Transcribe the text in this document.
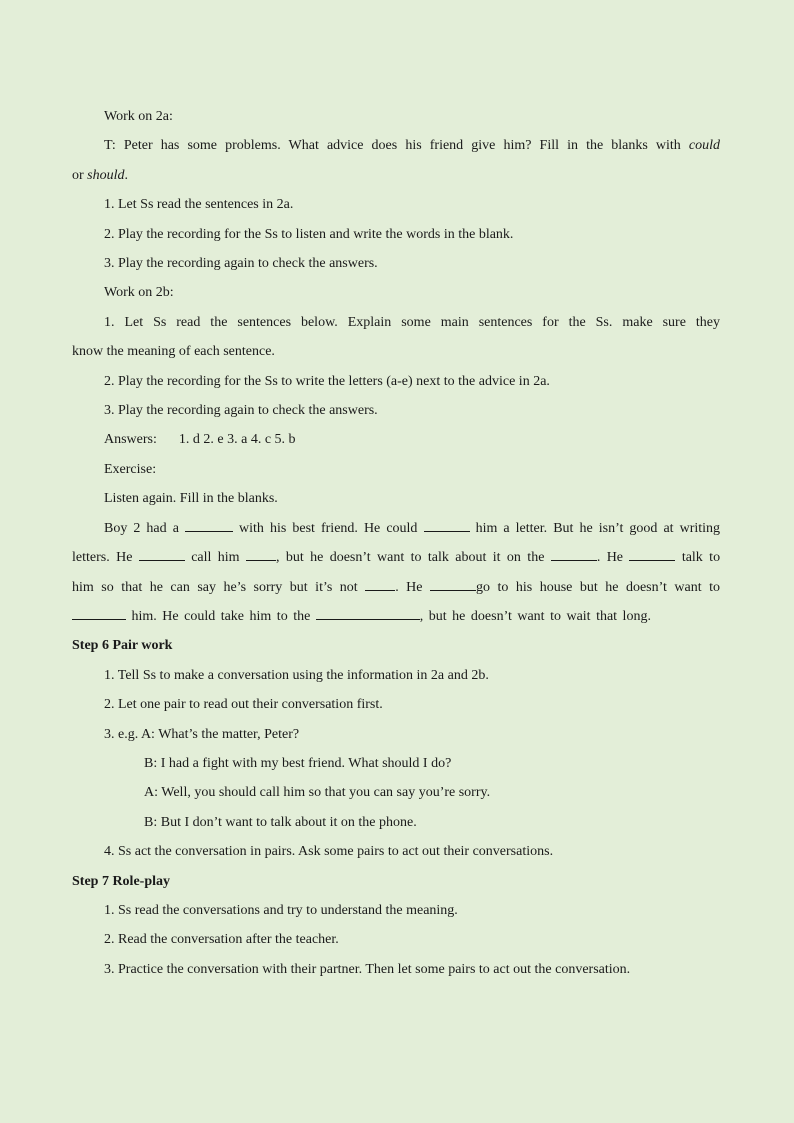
Work on 2a:
T: Peter has some problems. What advice does his friend give him? Fill in the blanks with could
or should.
1. Let Ss read the sentences in 2a.
2. Play the recording for the Ss to listen and write the words in the blank.
3. Play the recording again to check the answers.
Work on 2b:
1. Let Ss read the sentences below. Explain some main sentences for the Ss. make sure they
know the meaning of each sentence.
2. Play the recording for the Ss to write the letters (a-e) next to the advice in 2a.
3. Play the recording again to check the answers.
Answers: 1. d 2. e 3. a 4. c 5. b
Exercise:
Listen again. Fill in the blanks.
Boy 2 had a	with his best friend. He could	him a letter. But he isn’t good at writing letters. He	call him	, but he doesn’t want to talk about it on the	. He	talk to him so that he can say he’s sorry but it’s not	. He	go to his house but he doesn’t want to  him. He could take him to the	, but he doesn’t want to wait that long.
Step 6 Pair work
1. Tell Ss to make a conversation using the information in 2a and 2b.
2. Let one pair to read out their conversation first.
3. e.g. A: What’s the matter, Peter?
B: I had a fight with my best friend. What should I do?
A: Well, you should call him so that you can say you’re sorry.
B: But I don’t want to talk about it on the phone.
4. Ss act the conversation in pairs. Ask some pairs to act out their conversations.
Step 7 Role-play
1. Ss read the conversations and try to understand the meaning.
2. Read the conversation after the teacher.
3. Practice the conversation with their partner. Then let some pairs to act out the conversation.
